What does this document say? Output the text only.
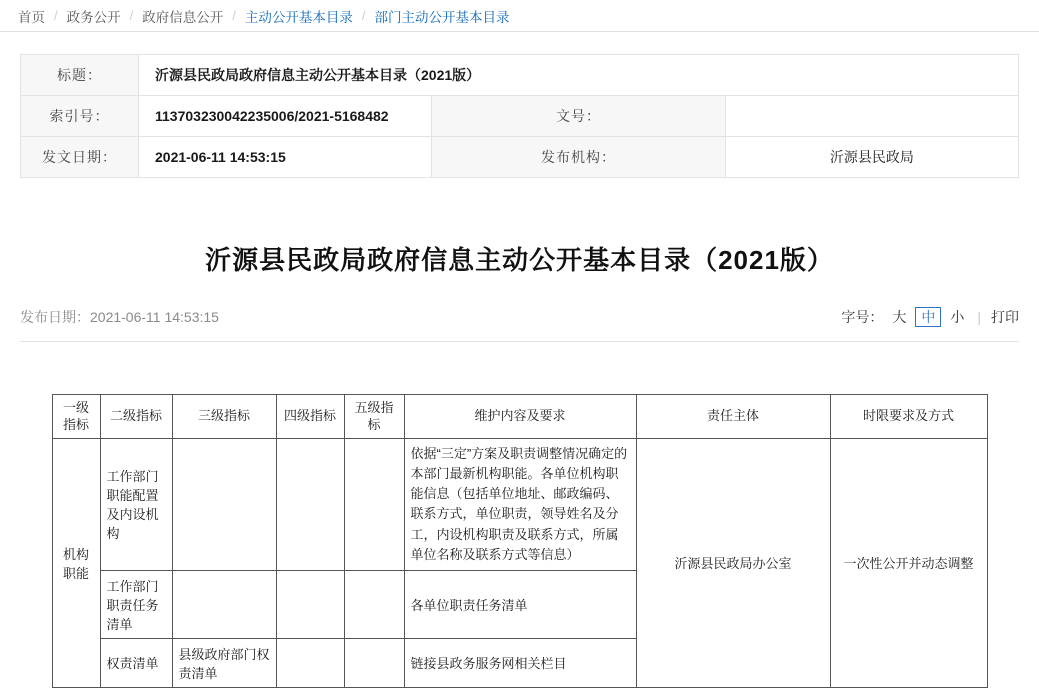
首页 / 政务公开 / 政府信息公开 / 主动公开基本目录 / 部门主动公开基本目录
标题：	沂源县民政局政府信息主动公开基本目录（2021版）		
索引号：	113703230042235006/2021-5168482	文号：	
发文日期：	2021-06-11 14:53:15	发布机构：	沂源县民政局
沂源县民政局政府信息主动公开基本目录（2021版）
发布日期：2021-06-11 14:53:15	字号： 大	中	小 | 打印
一级指标	二级指标	三级指标	四级指标	五级指标	维护内容及要求	责任主体	时限要求及方式
机构职能	工作部门职能配置及内设机构				依据“三定”方案及职责调整情况确定的本部门最新机构职能。各单位机构职能信息（包括单位地址、邮政编码、联系方式，单位职责，领导姓名及分工，内设机构职责及联系方式，所属单位名称及联系方式等信息）	沂源县民政局办公室	一次性公开并动态调整
	工作部门职责任务清单				各单位职责任务清单		
	权责清单	县级政府部门权责清单			链接县政务服务网相关栏目		
